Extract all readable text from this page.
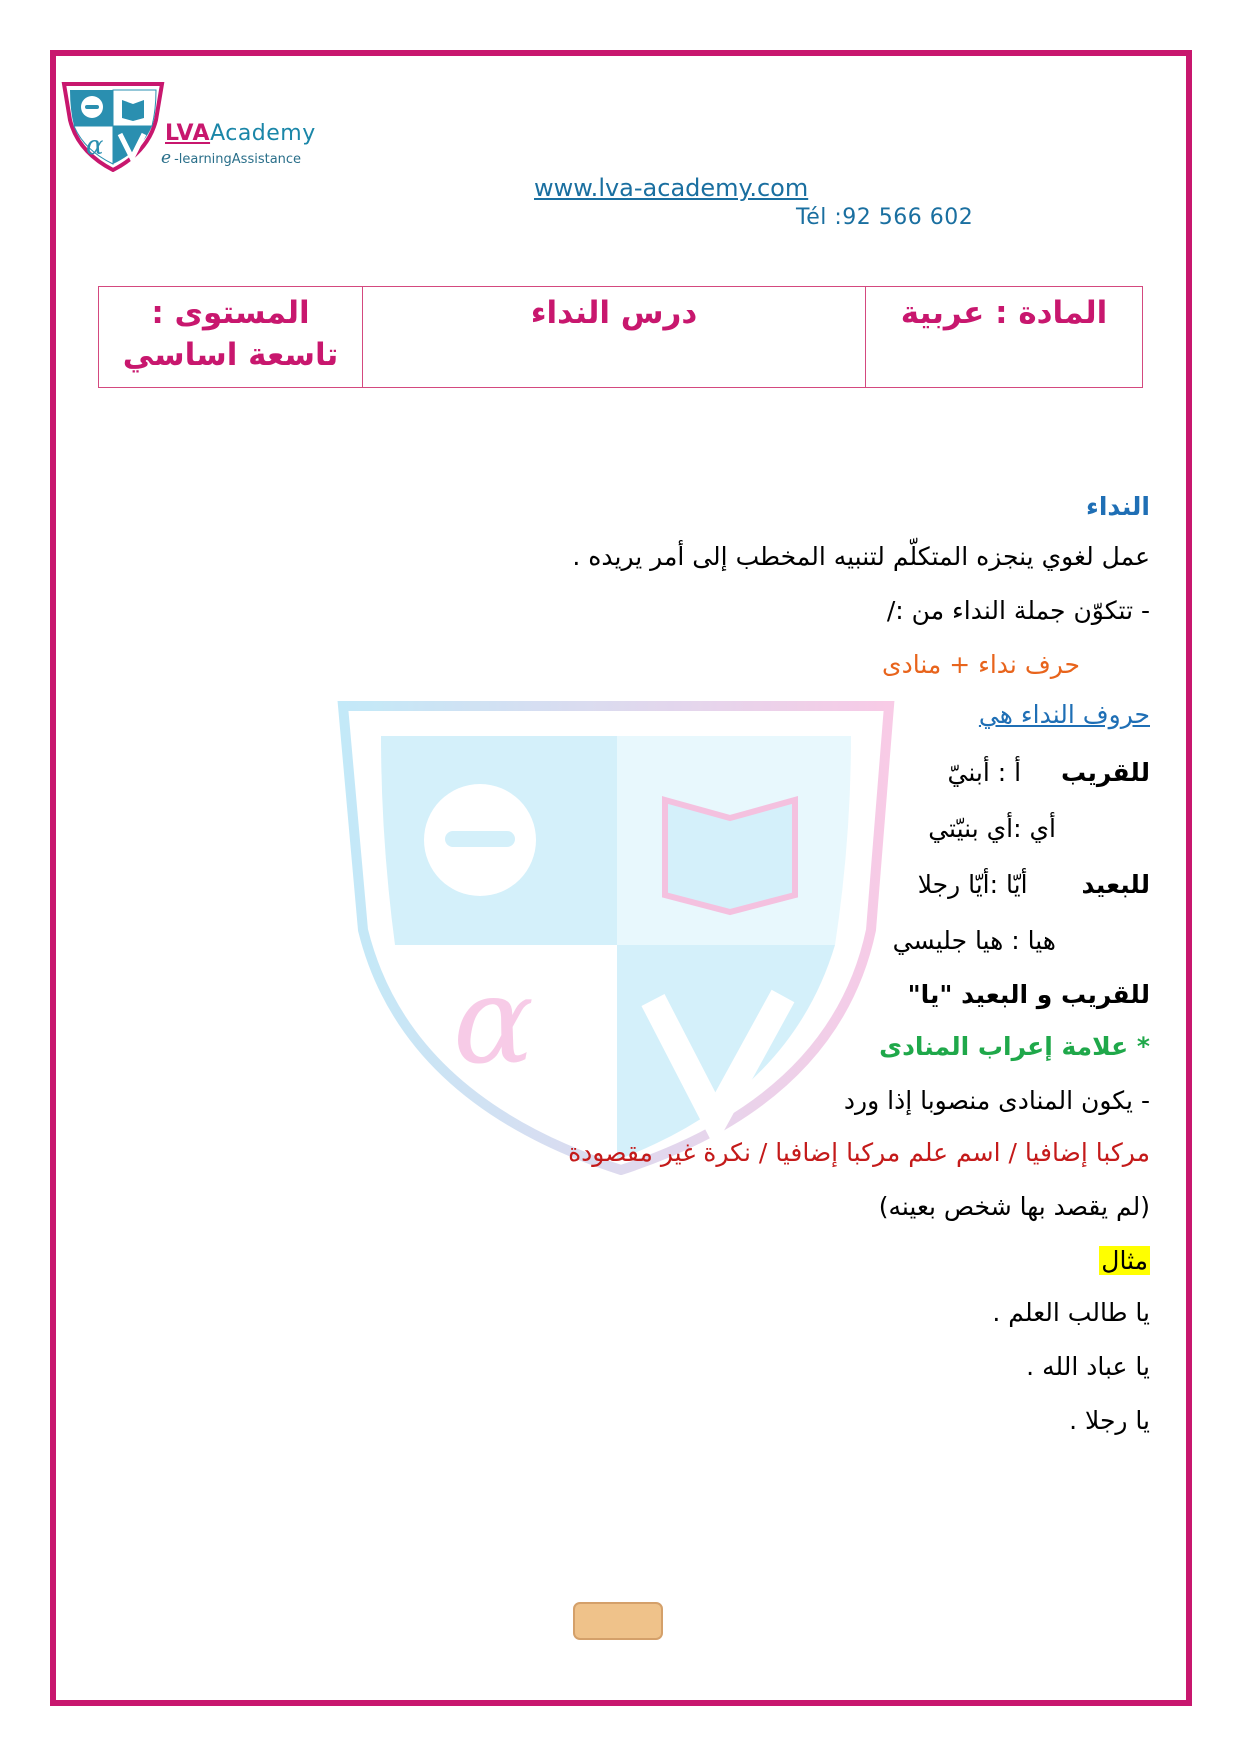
α	LVAAcademy
e -learningAssistance
www.lva-academy.com
Tél :92 566 602
المادة : عربية	درس النداء	المستوى : تاسعة اساسي
α
النداء
عمل لغوي ينجزه المتكلّم لتنبيه المخطب إلى أمر يريده .
- تتكوّن جملة النداء من :/
حرف نداء + منادى
حروف النداء هي
للقريب  أ : أبنيّ
أي :أي بنيّتي
للبعيد  أيّا :أيّا رجلا
هيا : هيا جليسي
للقريب و البعيد "يا"
* علامة إعراب المنادى
- يكون المنادى منصوبا إذا ورد
مركبا إضافيا / اسم علم مركبا إضافيا / نكرة غير مقصودة
(لم يقصد بها شخص بعينه)
مثال
يا طالب العلم .
يا عباد الله .
يا رجلا .
